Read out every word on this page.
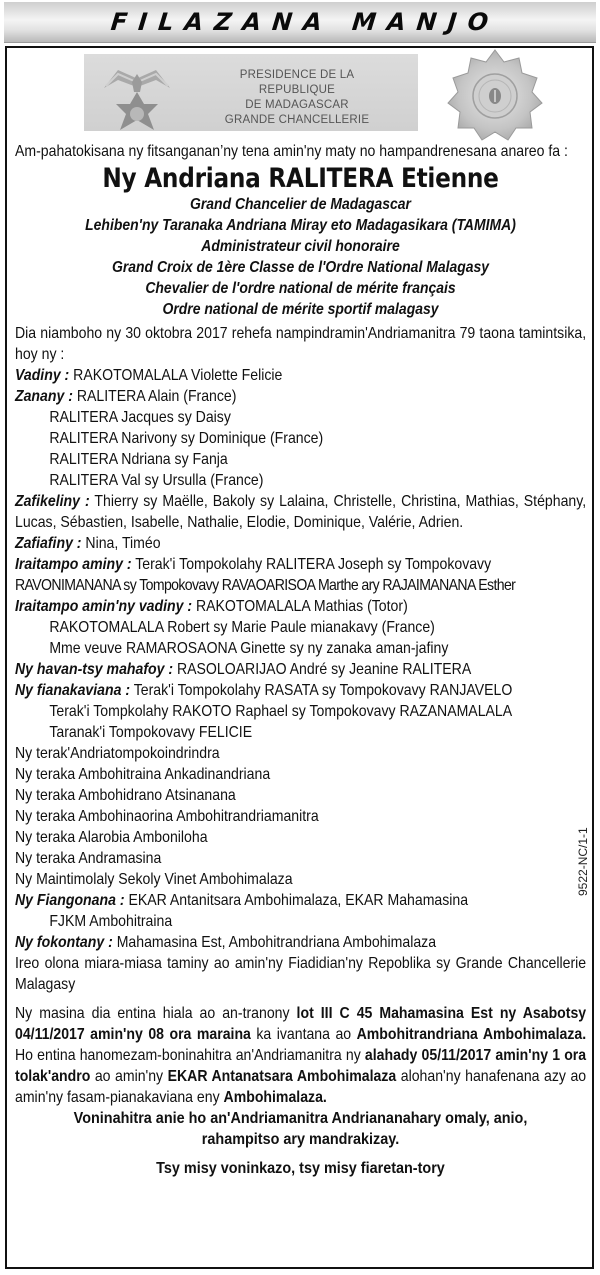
FILAZANA MANJO
PRESIDENCE DE LA REPUBLIQUE
DE MADAGASCAR
GRANDE CHANCELLERIE
Am-pahatokisana ny fitsanganan’ny tena amin'ny maty no hampandrenesana anareo fa :
Ny Andriana RALITERA Etienne
Grand Chancelier de Madagascar
Lehiben'ny Taranaka Andriana Miray eto Madagasikara (TAMIMA)
Administrateur civil honoraire
Grand Croix de 1ère Classe de l'Ordre National Malagasy
Chevalier de l'ordre national de mérite français
Ordre national de mérite sportif malagasy
Dia niamboho ny 30 oktobra 2017 rehefa nampindramin'Andriamanitra 79 taona tamintsika, hoy ny :
Vadiny : RAKOTOMALALA Violette Felicie
Zanany : RALITERA Alain (France)
RALITERA Jacques sy Daisy
RALITERA Narivony sy Dominique (France)
RALITERA Ndriana sy Fanja
RALITERA Val sy Ursulla (France)
Zafikeliny : Thierry sy Maëlle, Bakoly sy Lalaina, Christelle, Christina, Mathias, Stéphany, Lucas, Sébastien, Isabelle, Nathalie, Elodie, Dominique, Valérie, Adrien.
Zafiafiny : Nina, Timéo
Iraitampo aminy : Terak'i Tompokolahy RALITERA Joseph sy Tompokovavy
RAVONIMANANA sy Tompokovavy RAVAOARISOA Marthe ary RAJAIMANANA Esther
Iraitampo amin'ny vadiny : RAKOTOMALALA Mathias (Totor)
RAKOTOMALALA Robert sy Marie Paule mianakavy (France)
Mme veuve RAMAROSAONA Ginette sy ny zanaka aman-jafiny
Ny havan-tsy mahafoy : RASOLOARIJAO André sy Jeanine RALITERA
Ny fianakaviana : Terak'i Tompokolahy RASATA sy Tompokovavy RANJAVELO
Terak'i Tompkolahy RAKOTO Raphael sy Tompokovavy RAZANAMALALA
Taranak'i Tompokovavy FELICIE
Ny terak'Andriatompokoindrindra
Ny teraka Ambohitraina Ankadinandriana
Ny teraka Ambohidrano Atsinanana
Ny teraka Ambohinaorina Ambohitrandriamanitra
Ny teraka Alarobia Amboniloha
Ny teraka Andramasina
Ny Maintimolaly Sekoly Vinet Ambohimalaza
Ny Fiangonana : EKAR Antanitsara Ambohimalaza, EKAR Mahamasina
FJKM Ambohitraina
Ny fokontany : Mahamasina Est, Ambohitrandriana Ambohimalaza
Ireo olona miara-miasa taminy ao amin'ny Fiadidian'ny Repoblika sy Grande Chancellerie Malagasy
Ny masina dia entina hiala ao an-tranony lot III C 45 Mahamasina Est ny Asabotsy 04/11/2017 amin'ny 08 ora maraina ka ivantana ao Ambohitrandriana Ambohimalaza. Ho entina hanomezam-boninahitra an'Andriamanitra ny alahady 05/11/2017 amin'ny 1 ora tolak'andro ao amin'ny EKAR Antanatsara Ambohimalaza alohan'ny hanafenana azy ao amin'ny fasam-pianakaviana eny Ambohimalaza.
Voninahitra anie ho an'Andriamanitra Andriananahary omaly, anio,
rahampitso ary mandrakizay.
Tsy misy voninkazo, tsy misy fiaretan-tory
9522-NC/1-1
